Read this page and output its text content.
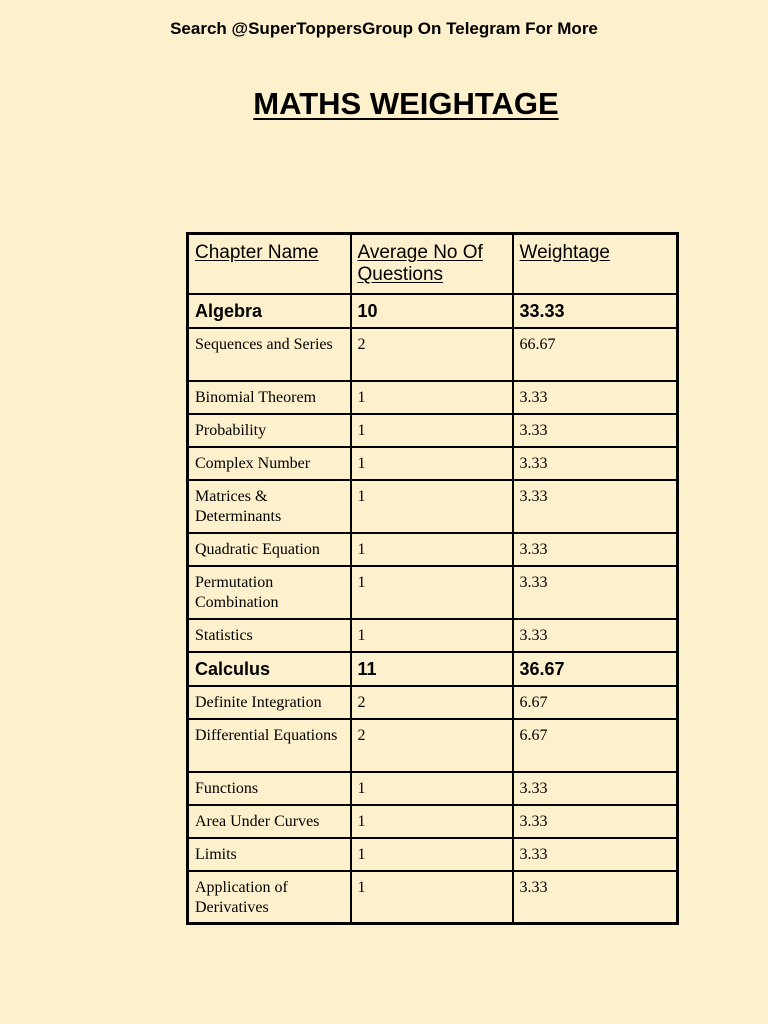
Search @SuperToppersGroup On Telegram For More
MATHS WEIGHTAGE
Chapter Name	Average No Of Questions	Weightage
Algebra	10	33.33
Sequences and Series	2	66.67
Binomial Theorem	1	3.33
Probability	1	3.33
Complex Number	1	3.33
Matrices & Determinants	1	3.33
Quadratic Equation	1	3.33
Permutation Combination	1	3.33
Statistics	1	3.33
Calculus	11	36.67
Definite Integration	2	6.67
Differential Equations	2	6.67
Functions	1	3.33
Area Under Curves	1	3.33
Limits	1	3.33
Application of Derivatives	1	3.33
